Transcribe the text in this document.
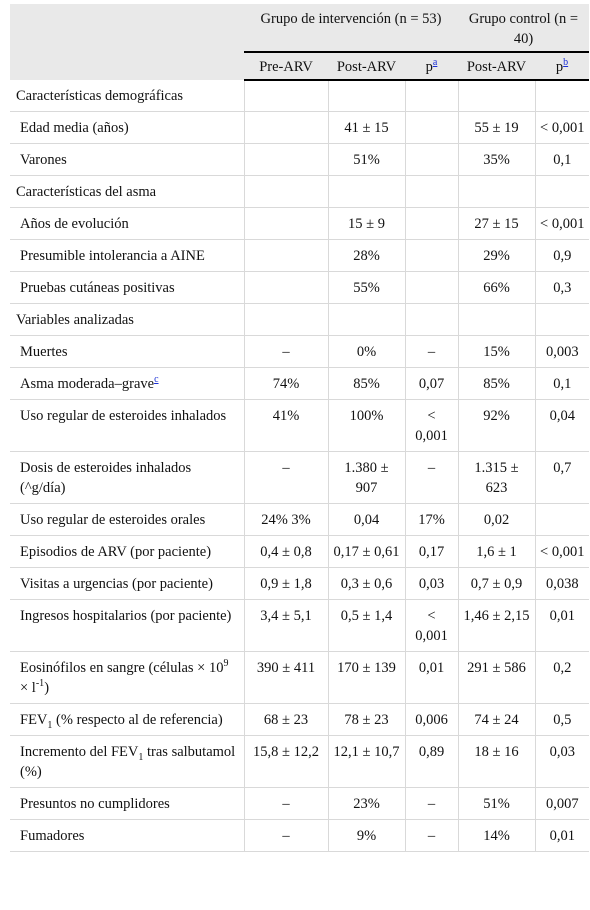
	Grupo de intervención (n = 53)			Grupo control (n = 40)	
	Pre-ARV	Post-ARV	$p^a$	Post-ARV	$p^b$
Características demográficas					
Edad media (años)		41 ± 15		55 ± 19	< 0,001
Varones		51%		35%	0,1
Características del asma					
Años de evolución		15 ± 9		27 ± 15	< 0,001
Presumible intolerancia a AINE		28%		29%	0,9
Pruebas cutáneas positivas		55%		66%	0,3
Variables analizadas					
Muertes	–	0%	–	15%	0,003
Asma moderada–grave$^c$	74%	85%	0,07	85%	0,1
Uso regular de esteroides inhalados	41%	100%	< 0,001	92%	0,04
Dosis de esteroides inhalados (^g/día)	–	1.380 ± 907	–	1.315 ± 623	0,7
Uso regular de esteroides orales	24% 3%	0,04	17%	0,02	
Episodios de ARV (por paciente)	0,4 ± 0,8	0,17 ± 0,61	0,17	1,6 ± 1	< 0,001
Visitas a urgencias (por paciente)	0,9 ± 1,8	0,3 ± 0,6	0,03	0,7 ± 0,9	0,038
Ingresos hospitalarios (por paciente)	3,4 ± 5,1	0,5 ± 1,4	< 0,001	1,46 ± 2,15	0,01
Eosinófilos en sangre (células × $10^9 \times l^{-1}$)	390 ± 411	170 ± 139	0,01	291 ± 586	0,2
$FEV_1$ (% respecto al de referencia)	68 ± 23	78 ± 23	0,006	74 ± 24	0,5
Incremento del $FEV_1$ tras salbutamol (%)	15,8 ± 12,2	12,1 ± 10,7	0,89	18 ± 16	0,03
Presuntos no cumplidores	–	23%	–	51%	0,007
Fumadores	–	9%	–	14%	0,01
